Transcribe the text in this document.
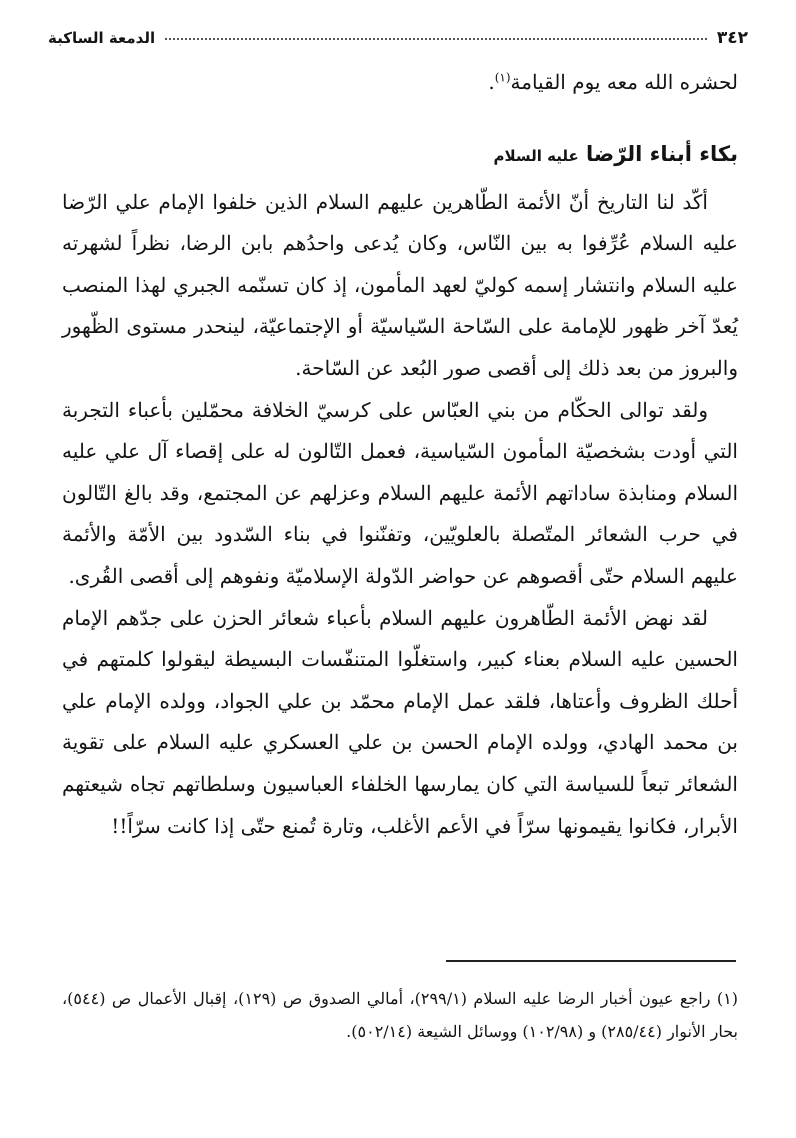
٣٤٢
الدمعة الساكبة

لحشره الله معه يوم القيامة$^{(١)}$.

بكاء أبناء الرّضا عليه السلام

أكّد لنا التاريخ أنّ الأئمة الطّاهرين عليهم السلام الذين خلفوا الإمام علي الرّضا عليه السلام عُرِّفوا به بين النّاس، وكان يُدعى واحدُهم بابن الرضا، نظراً لشهرته عليه السلام وانتشار إسمه كوليّ لعهد المأمون، إذ كان تسنّمه الجبري لهذا المنصب يُعدّ آخر ظهور للإمامة على السّاحة السّياسيّة أو الإجتماعيّة، لينحدر مستوى الظّهور والبروز من بعد ذلك إلى أقصى صور البُعد عن السّاحة.

ولقد توالى الحكّام من بني العبّاس على كرسيّ الخلافة محمّلين بأعباء التجربة التي أودت بشخصيّة المأمون السّياسية، فعمل التّالون له على إقصاء آل علي عليه السلام ومنابذة ساداتهم الأئمة عليهم السلام وعزلهم عن المجتمع، وقد بالغ التّالون في حرب الشعائر المتّصلة بالعلويّين، وتفنّنوا في بناء السّدود بين الأمّة والأئمة عليهم السلام حتّى أقصوهم عن حواضر الدّولة الإسلاميّة ونفوهم إلى أقصى القُرى.

لقد نهض الأئمة الطّاهرون عليهم السلام بأعباء شعائر الحزن على جدّهم الإمام الحسين عليه السلام بعناء كبير، واستغلّوا المتنفّسات البسيطة ليقولوا كلمتهم في أحلك الظروف وأعتاها، فلقد عمل الإمام محمّد بن علي الجواد، وولده الإمام علي بن محمد الهادي، وولده الإمام الحسن بن علي العسكري عليه السلام على تقوية الشعائر تبعاً للسياسة التي كان يمارسها الخلفاء العباسيون وسلطاتهم تجاه شيعتهم الأبرار، فكانوا يقيمونها سرّاً في الأعم الأغلب، وتارة تُمنع حتّى إذا كانت سرّاً!!

(١) راجع عيون أخبار الرضا عليه السلام (٢٩٩/١)، أمالي الصدوق ص (١٢٩)، إقبال الأعمال ص (٥٤٤)، بحار الأنوار (٢٨٥/٤٤) و (١٠٢/٩٨) ووسائل الشيعة (٥٠٢/١٤).
